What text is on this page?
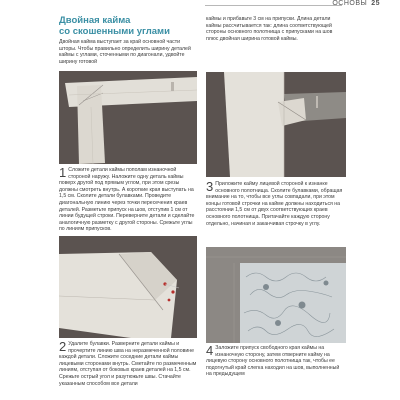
ОСНОВЫ 25
Двойная кайма
со скошенными углами

Двойная кайма выступает за край основной части шторы. Чтобы правильно определить ширину деталей каймы с углами, сточенными по диагонали, удвойте ширину готовой

каймы и прибавьте 3 см на припуски. Длина детали каймы рассчитывается так: длина соответствующей стороны основного полотнища с припусками на шов плюс двойная ширина готовой каймы.

1 Сложите детали каймы пополам изнаночной стороной наружу. Наложите одну деталь каймы поверх другой под прямым углом, при этом срезы должны смотреть внутрь. А короткие края выступать на 1,5 см. Сколите детали булавками. Проведите диагональную линию через точки пересечения краев деталей. Разметьте припуск на шов, отступив 1 см от линии будущей строки. Переверните детали и сделайте аналогичную разметку с другой стороны. Срежьте углы по линиям припусков.

2 Удалите булавки. Разверните детали каймы и прочертите линию шва на неразмеченной половине каждой детали. Сложите соседние детали каймы лицевыми сторонами внутрь. Сметайте по размеченным линиям, отступая от боковых краев деталей на 1,5 см. Срежьте острый угол и разутюжьте швы. Стачайте указанным способом все детали

3 Приложите кайму лицевой стороной к изнанке основного полотнища. Сколите булавками, обращая внимание на то, чтобы все углы совпадали, при этом концы готовой строчки на кайме должны находиться на расстоянии 1,5 см от двух соответствующих краев основного полотнища. Притачайте каждую сторону отдельно, начиная и заканчивая строчку в углу.

4 Заложите припуск свободного края каймы на изнаночную сторону, затем отверните кайму на лицевую сторону основного полотнища так, чтобы ее подогнутый край слегка находил на шов, выполненный на предыдущем
